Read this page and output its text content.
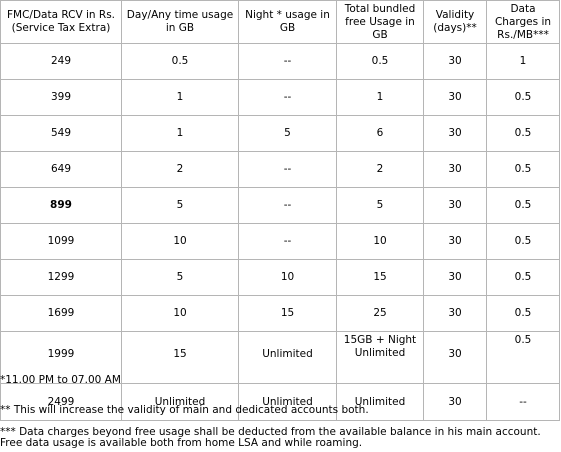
FMC/Data RCV in Rs.(Service Tax Extra)	Day/Any time usage in GB	Night * usage in GB	Total bundled free Usage in GB	Validity (days)**	Data Charges in Rs./MB***
249	0.5	--	0.5	30	1
399	1	--	1	30	0.5
549	1	5	6	30	0.5
649	2	--	2	30	0.5
899	5	--	5	30	0.5
1099	10	--	10	30	0.5
1299	5	10	15	30	0.5
1699	10	15	25	30	0.5
1999	15	Unlimited	15GB + Night Unlimited	30	0.5
2499	Unlimited	Unlimited	Unlimited	30	--
*11.00 PM to 07.00 AM
** This will increase the validity of main and dedicated accounts both.
*** Data charges beyond free usage shall be deducted from the available balance in his main account. Free data usage is available both from home LSA and while roaming.
